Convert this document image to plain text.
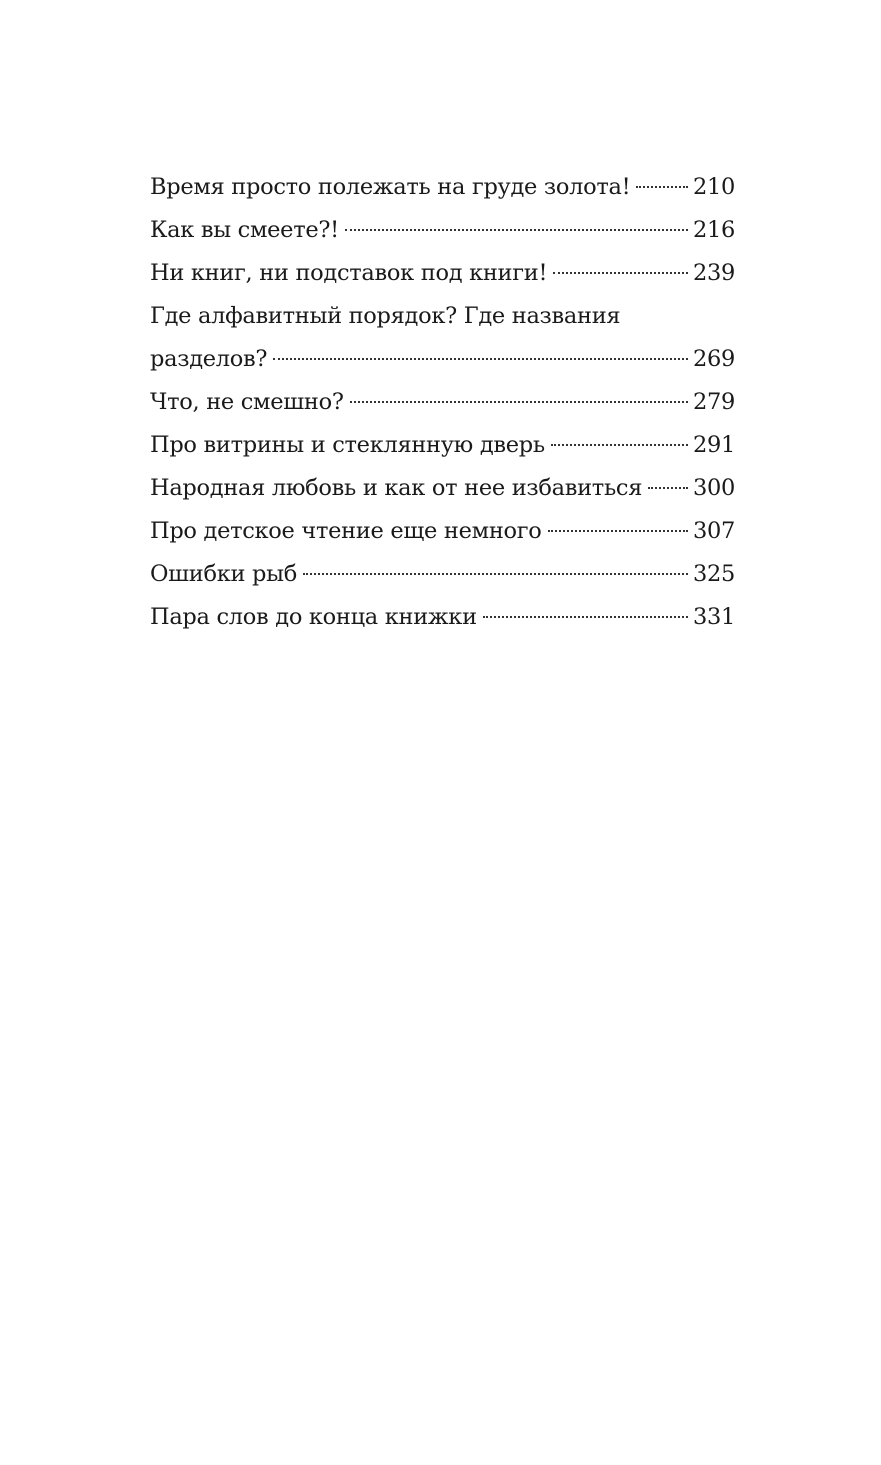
Время просто полежать на груде золота!	210
Как вы смеете?!	216
Ни книг, ни подставок под книги!	239
Где алфавитный порядок? Где названия
разделов?	269
Что, не смешно?	279
Про витрины и стеклянную дверь	291
Народная любовь и как от нее избавиться 300
Про детское чтение еще немного	307
Ошибки рыб	325
Пара слов до конца книжки	331
